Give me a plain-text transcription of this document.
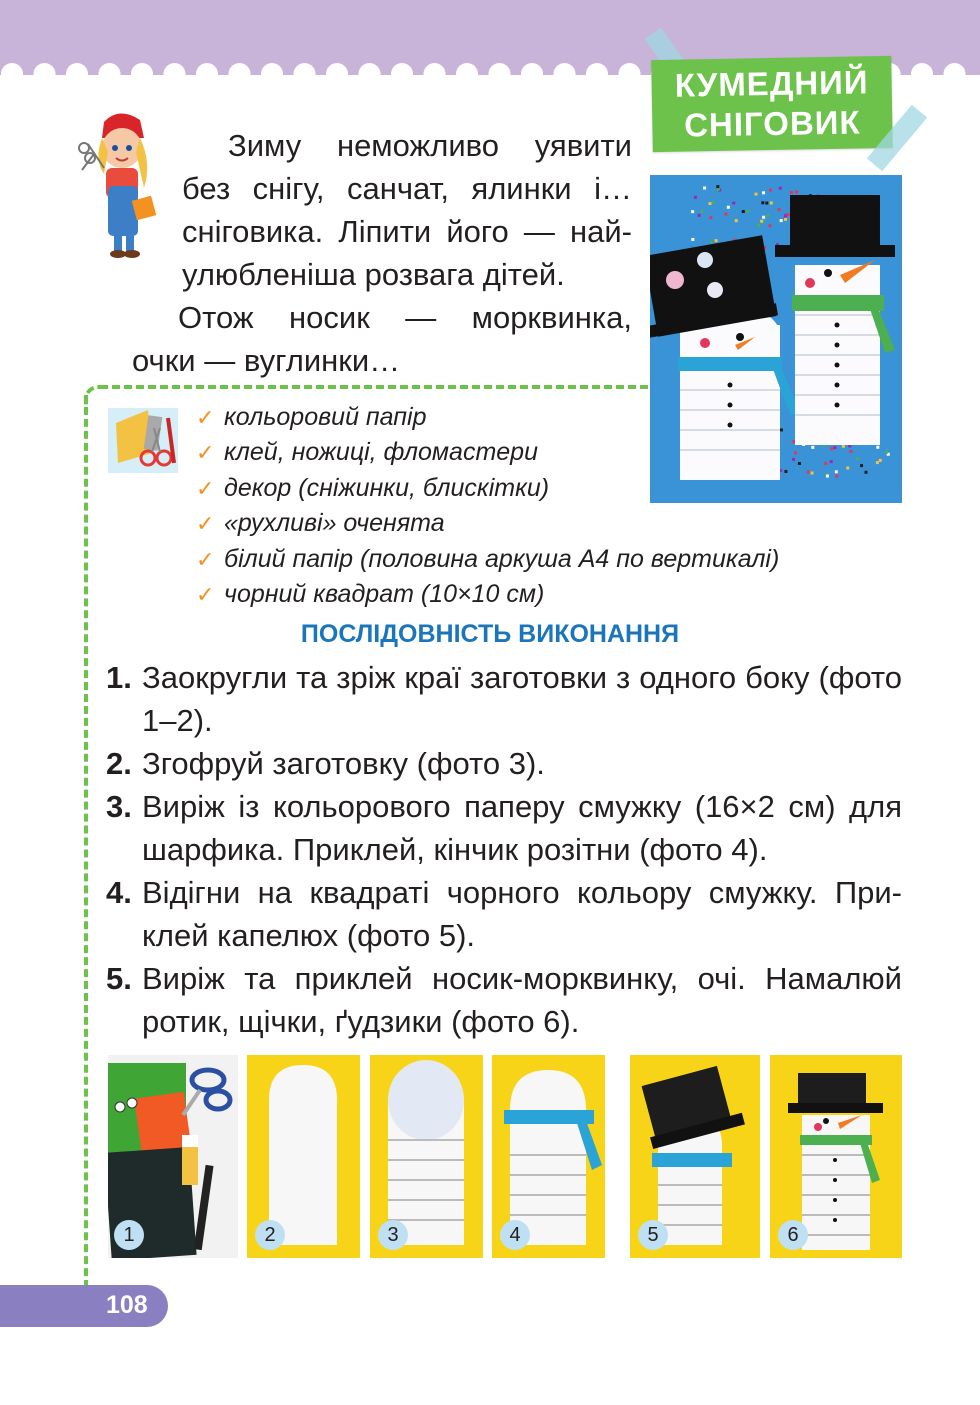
КУМЕДНИЙ
СНІГОВИК

Зиму неможливо уявити
без снігу, санчат, ялинки і…
сніговика. Ліпити його — най-
улюбленіша розвага дітей.

Отож носик — морквинка,
очки — вуглинки…

✓ кольоровий папір
✓ клей, ножиці, фломастери
✓ декор (сніжинки, блискітки)
✓ «рухливі» оченята
✓ білий папір (половина аркуша А4 по вертикалі)
✓ чорний квадрат (10×10 см)
ПОСЛІДОВНІСТЬ ВИКОНАННЯ
1. Заокругли та зріж краї заготовки з одного боку (фото 1–2).
2. Згофруй заготовку (фото 3).
3. Виріж із кольорового паперу смужку (16×2 см) для шарфика. Приклей, кінчик розітни (фото 4).
4. Відігни на квадраті чорного кольору смужку. При-клей капелюх (фото 5).
5. Виріж та приклей носик-морквинку, очі. Намалюй ротик, щічки, ґудзики (фото 6).
1	2	3	4	5	6
108
